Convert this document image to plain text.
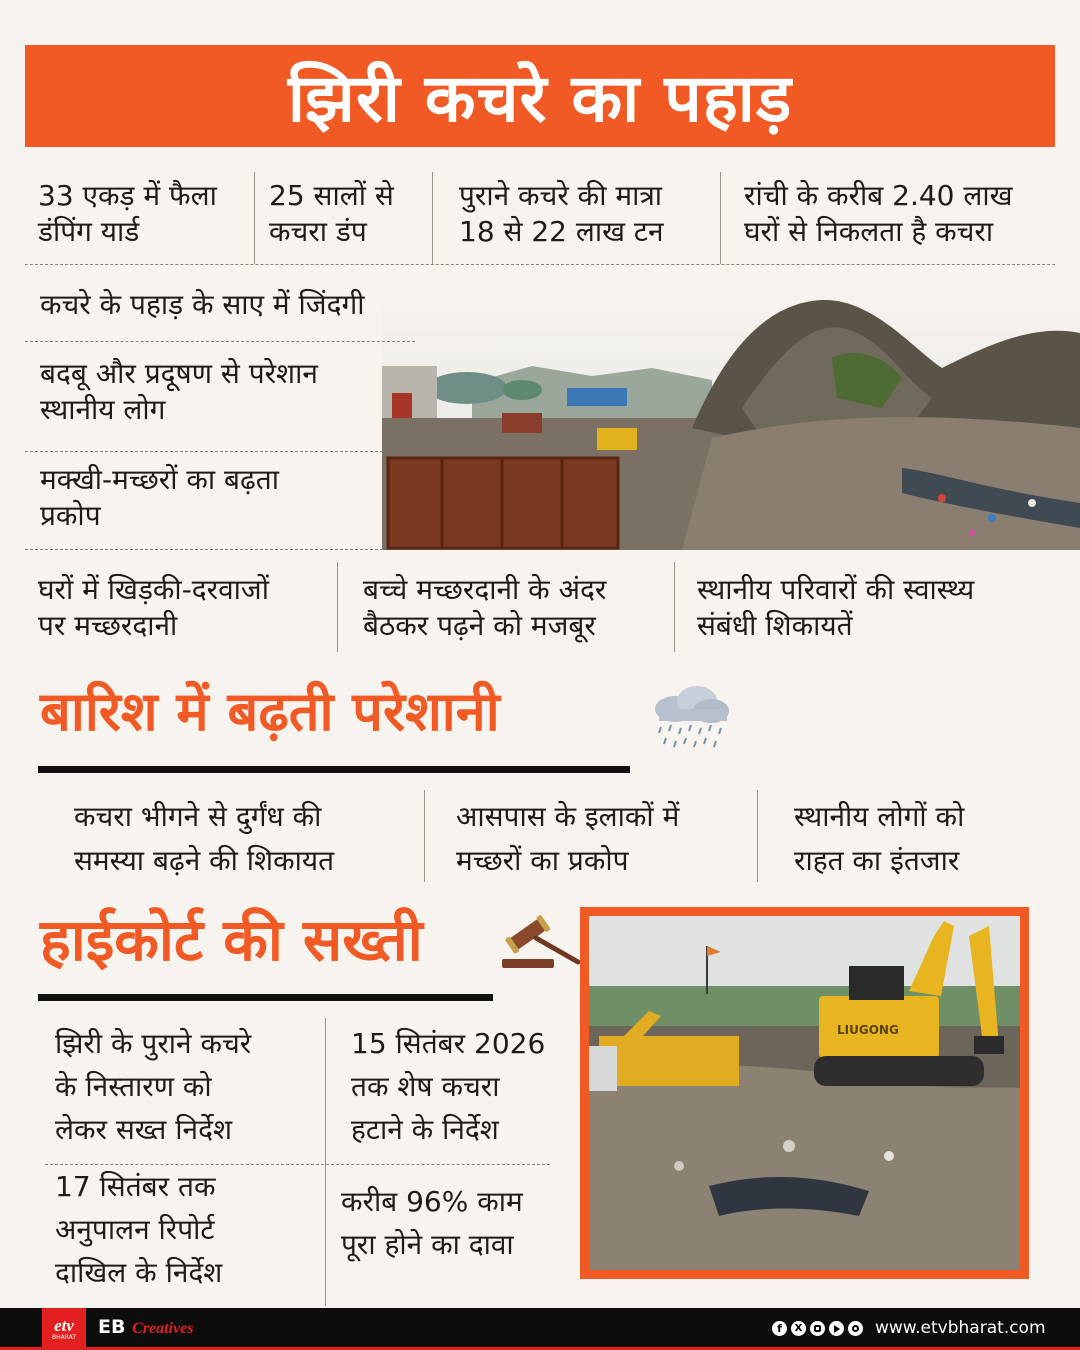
झिरी कचरे का पहाड़
33 एकड़ में फैला
डंपिंग यार्ड
25 सालों से
कचरा डंप
पुराने कचरे की मात्रा
18 से 22 लाख टन
रांची के करीब 2.40 लाख
घरों से निकलता है कचरा
कचरे के पहाड़ के साए में जिंदगी
बदबू और प्रदूषण से परेशान
स्थानीय लोग
मक्खी-मच्छरों का बढ़ता
प्रकोप
घरों में खिड़की-दरवाजों
पर मच्छरदानी
बच्चे मच्छरदानी के अंदर
बैठकर पढ़ने को मजबूर
स्थानीय परिवारों की स्वास्थ्य
संबंधी शिकायतें
बारिश में बढ़ती परेशानी
कचरा भीगने से दुर्गंध की
समस्या बढ़ने की शिकायत
आसपास के इलाकों में
मच्छरों का प्रकोप
स्थानीय लोगों को
राहत का इंतजार
हाईकोर्ट की सख्ती
झिरी के पुराने कचरे
के निस्तारण को
लेकर सख्त निर्देश
15 सितंबर 2026
तक शेष कचरा
हटाने के निर्देश
17 सितंबर तक
अनुपालन रिपोर्ट
दाखिल के निर्देश
करीब 96% काम
पूरा होने का दावा
LIUGONG
etv
BHARAT EB Creatives	f	X	www.etvbharat.com
